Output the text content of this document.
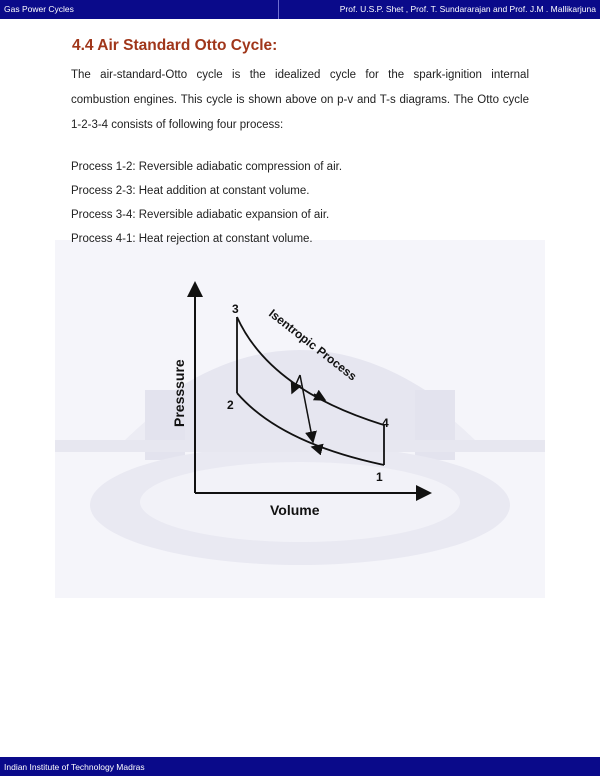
Gas Power Cycles	Prof. U.S.P. Shet , Prof. T. Sundararajan and Prof. J.M . Mallikarjuna
4.4 Air Standard Otto Cycle:
The air-standard-Otto cycle is the idealized cycle for the spark-ignition internal combustion engines. This cycle is shown above on p-v and T-s diagrams. The Otto cycle 1-2-3-4 consists of following four process:
Process 1-2: Reversible adiabatic compression of air.
Process 2-3: Heat addition at constant volume.
Process 3-4: Reversible adiabatic expansion of air.
Process 4-1: Heat rejection at constant volume.
3
2
4
1
Isentropic Process
Presssure
Volume
Indian Institute of Technology Madras
